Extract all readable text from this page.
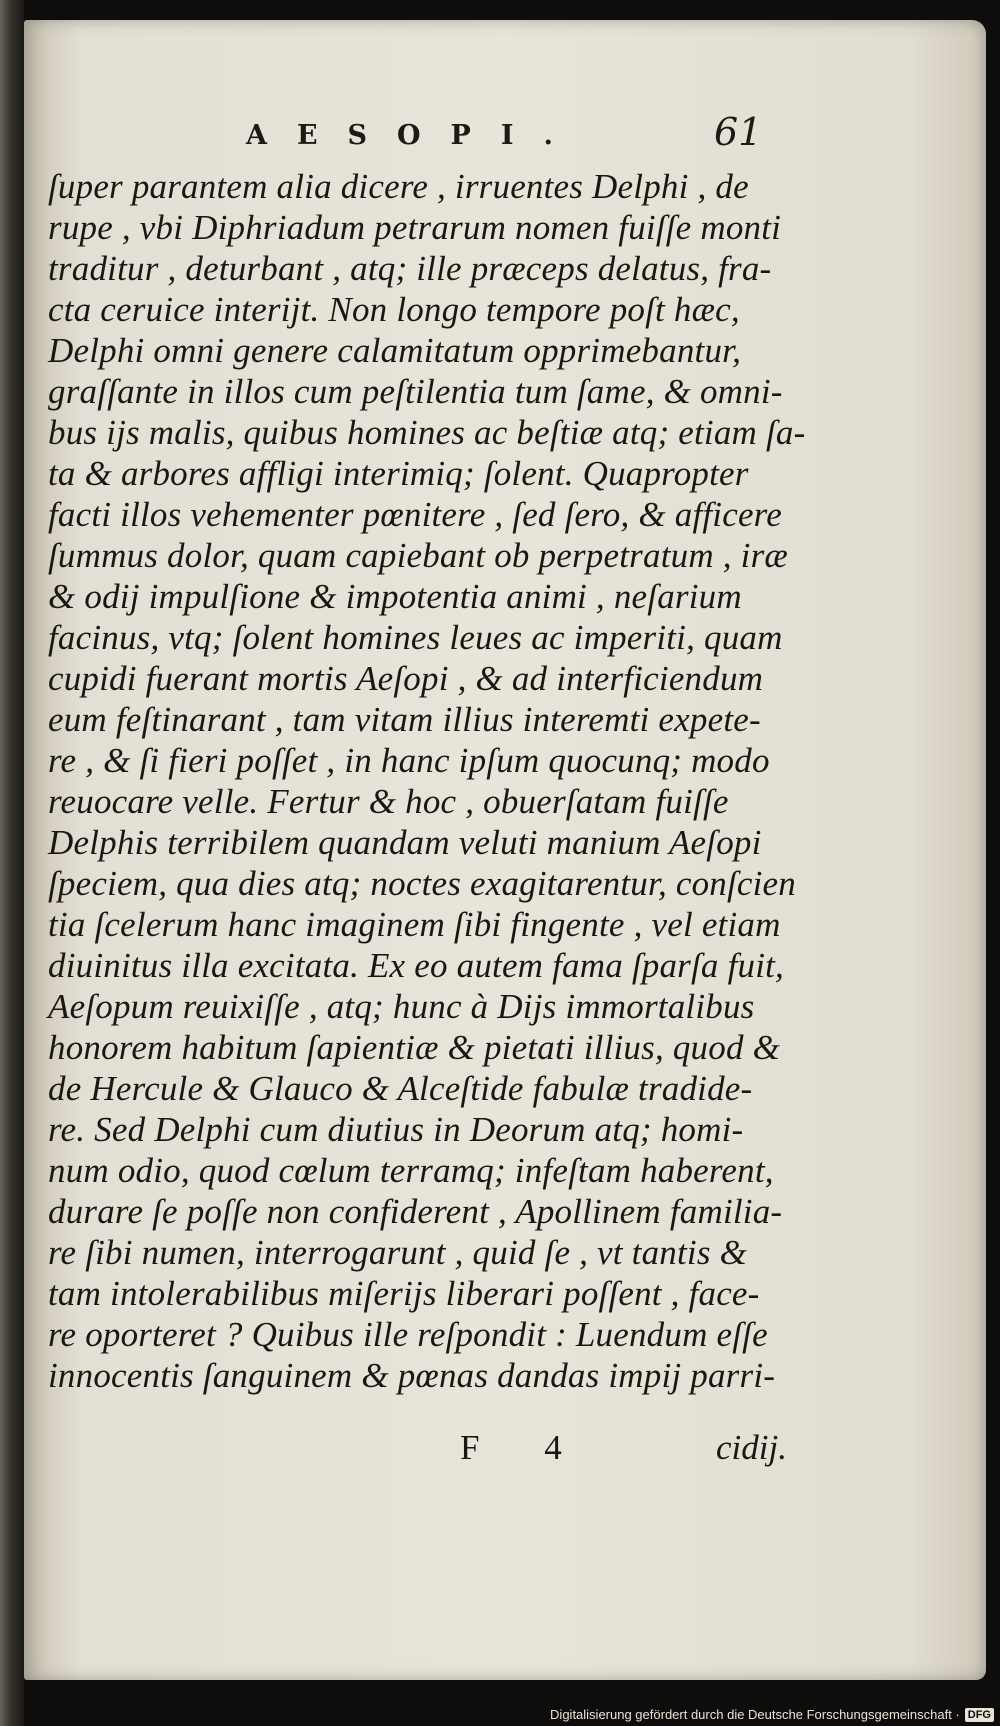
AESOPI.	61
ſuper parantem alia dicere , irruentes Delphi , de
rupe , vbi Diphriadum petrarum nomen fuiſſe monti
traditur , deturbant , atq; ille præceps delatus, fra-
cta ceruice interijt. Non longo tempore poſt hæc,
Delphi omni genere calamitatum opprimebantur,
graſſante in illos cum peſtilentia tum ſame, & omni-
bus ijs malis, quibus homines ac beſtiæ atq; etiam ſa-
ta & arbores affligi interimiq; ſolent. Quapropter
facti illos vehementer pœnitere , ſed ſero, & afficere
ſummus dolor, quam capiebant ob perpetratum , iræ
& odij impulſione & impotentia animi , neſarium
facinus, vtq; ſolent homines leues ac imperiti, quam
cupidi fuerant mortis Aeſopi , & ad interficiendum
eum feſtinarant , tam vitam illius interemti expete-
re , & ſi fieri poſſet , in hanc ipſum quocunq; modo
reuocare velle. Fertur & hoc , obuerſatam fuiſſe
Delphis terribilem quandam veluti manium Aeſopi
ſpeciem, qua dies atq; noctes exagitarentur, conſcien
tia ſcelerum hanc imaginem ſibi fingente , vel etiam
diuinitus illa excitata. Ex eo autem fama ſparſa fuit,
Aeſopum reuixiſſe , atq; hunc à Dijs immortalibus
honorem habitum ſapientiæ & pietati illius, quod &
de Hercule & Glauco & Alceſtide fabulæ tradide-
re. Sed Delphi cum diutius in Deorum atq; homi-
num odio, quod cœlum terramq; infeſtam haberent,
durare ſe poſſe non confiderent , Apollinem familia-
re ſibi numen, interrogarunt , quid ſe , vt tantis &
tam intolerabilibus miſerijs liberari poſſent , face-
re oporteret ? Quibus ille reſpondit : Luendum eſſe
innocentis ſanguinem & pœnas dandas impij parri-
F 4	cidij.
Digitalisierung gefördert durch die Deutsche Forschungsgemeinschaft · DFG
